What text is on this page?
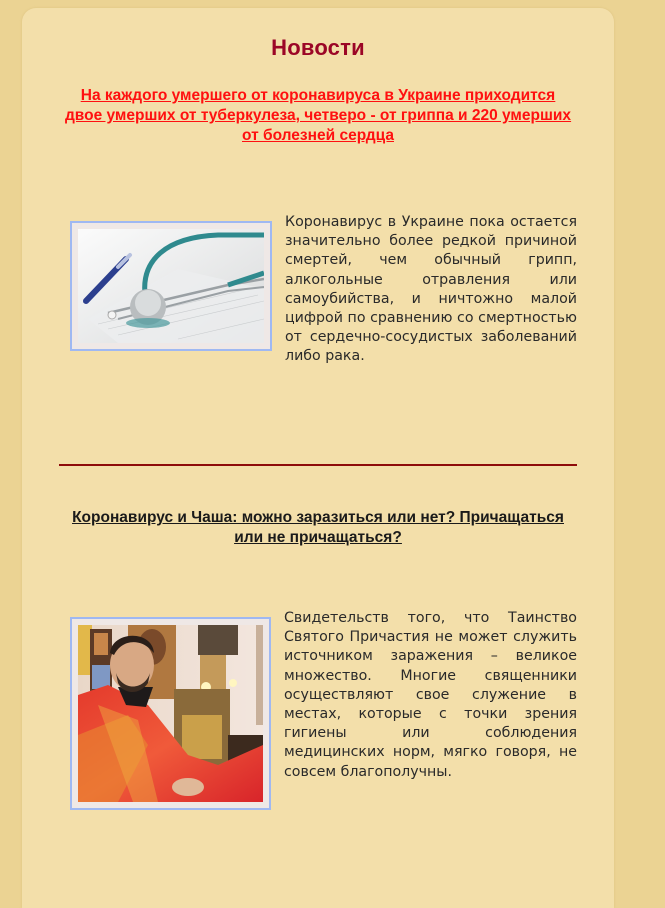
Новости
На каждого умершего от коронавируса в Украине приходится двое умерших от туберкулеза, четверо - от гриппа и 220 умерших от болезней сердца
Коронавирус в Украине пока остается значительно более редкой причиной смертей, чем обычный грипп, алкогольные отравления или самоубийства, и ничтожно малой цифрой по сравнению со смертностью от сердечно-сосудистых заболеваний либо рака.
Коронавирус и Чаша: можно заразиться или нет? Причащаться или не причащаться?
Свидетельств того, что Таинство Святого Причастия не может служить источником заражения – великое множество. Многие священники осуществляют свое служение в местах, которые с точки зрения гигиены или соблюдения медицинских норм, мягко говоря, не совсем благополучны.
